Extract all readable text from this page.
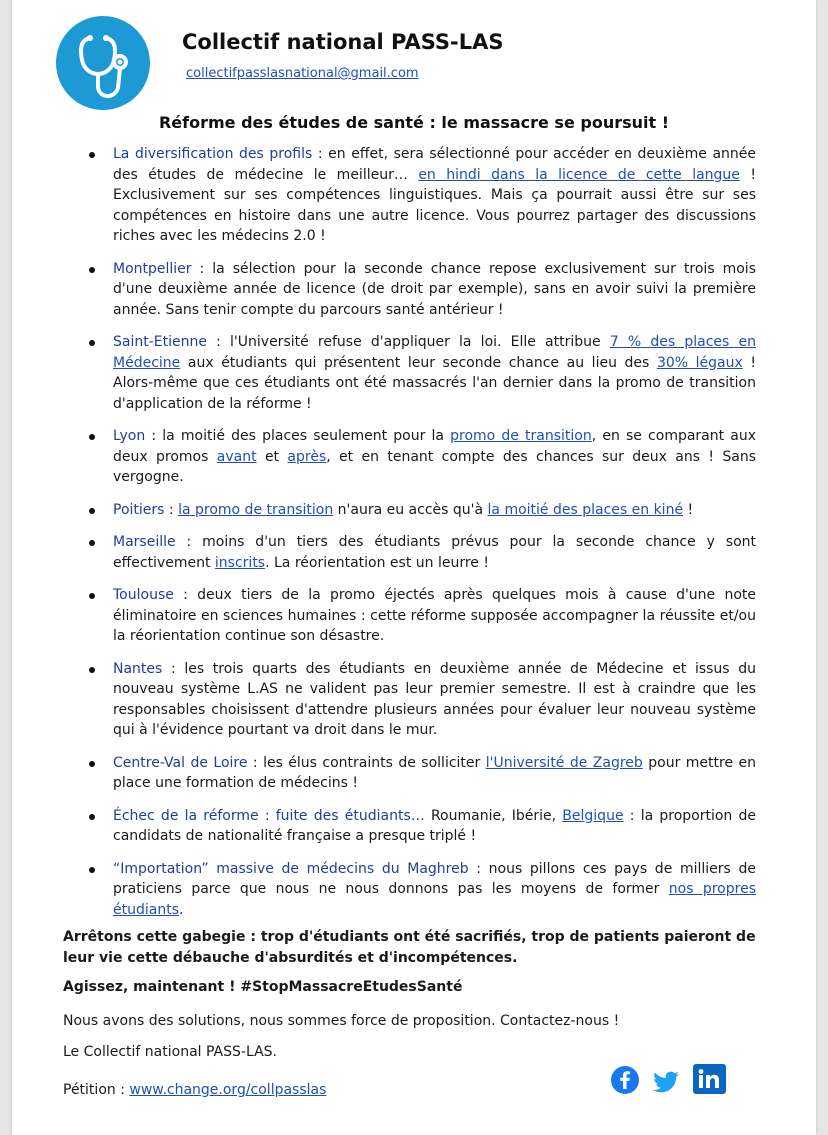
Collectif national PASS-LAS
collectifpasslasnational@gmail.com
Réforme des études de santé : le massacre se poursuit !
La diversification des profils : en effet, sera sélectionné pour accéder en deuxième année des études de médecine le meilleur… en hindi dans la licence de cette langue ! Exclusivement sur ses compétences linguistiques. Mais ça pourrait aussi être sur ses compétences en histoire dans une autre licence. Vous pourrez partager des discussions riches avec les médecins 2.0 !
Montpellier : la sélection pour la seconde chance repose exclusivement sur trois mois d'une deuxième année de licence (de droit par exemple), sans en avoir suivi la première année. Sans tenir compte du parcours santé antérieur !
Saint-Etienne : l'Université refuse d'appliquer la loi. Elle attribue 7 % des places en Médecine aux étudiants qui présentent leur seconde chance au lieu des 30% légaux ! Alors-même que ces étudiants ont été massacrés l'an dernier dans la promo de transition d'application de la réforme !
Lyon : la moitié des places seulement pour la promo de transition, en se comparant aux deux promos avant et après, et en tenant compte des chances sur deux ans ! Sans vergogne.
Poitiers : la promo de transition n'aura eu accès qu'à la moitié des places en kiné !
Marseille : moins d'un tiers des étudiants prévus pour la seconde chance y sont effectivement inscrits. La réorientation est un leurre !
Toulouse : deux tiers de la promo éjectés après quelques mois à cause d'une note éliminatoire en sciences humaines : cette réforme supposée accompagner la réussite et/ou la réorientation continue son désastre.
Nantes : les trois quarts des étudiants en deuxième année de Médecine et issus du nouveau système L.AS ne valident pas leur premier semestre. Il est à craindre que les responsables choisissent d'attendre plusieurs années pour évaluer leur nouveau système qui à l'évidence pourtant va droit dans le mur.
Centre-Val de Loire : les élus contraints de solliciter l'Université de Zagreb pour mettre en place une formation de médecins !
Échec de la réforme : fuite des étudiants… Roumanie, Ibérie, Belgique : la proportion de candidats de nationalité française a presque triplé !
“Importation” massive de médecins du Maghreb : nous pillons ces pays de milliers de praticiens parce que nous ne nous donnons pas les moyens de former nos propres étudiants.
Arrêtons cette gabegie : trop d'étudiants ont été sacrifiés, trop de patients paieront de leur vie cette débauche d'absurdités et d'incompétences.
Agissez, maintenant ! #StopMassacreEtudesSanté
Nous avons des solutions, nous sommes force de proposition. Contactez-nous !
Le Collectif national PASS-LAS.
Pétition : www.change.org/collpasslas
